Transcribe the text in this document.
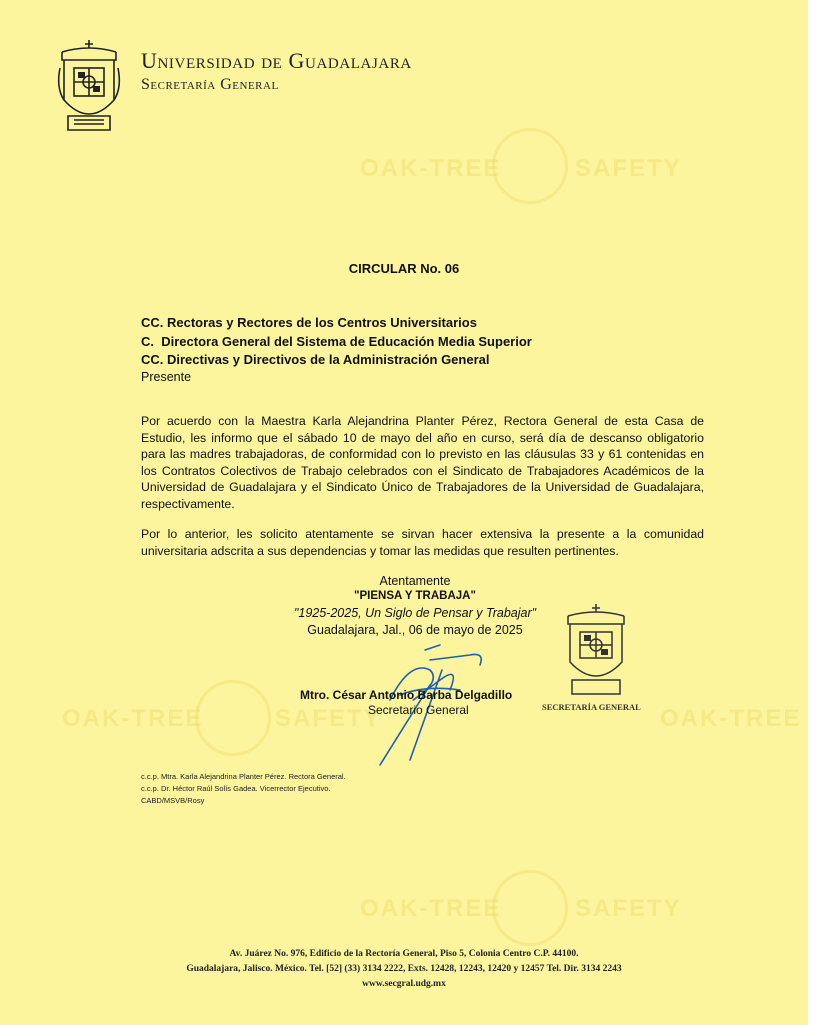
OAK-TREE	SAFETY
OAK-TREE	SAFETY	OAK-TREE
OAK-TREE	SAFETY
Universidad de Guadalajara
Secretaría General
CIRCULAR No. 06
CC. Rectoras y Rectores de los Centros Universitarios
C.  Directora General del Sistema de Educación Media Superior
CC. Directivas y Directivos de la Administración General
Presente
Por acuerdo con la Maestra Karla Alejandrina Planter Pérez, Rectora General de esta Casa de Estudio, les informo que el sábado 10 de mayo del año en curso, será día de descanso obligatorio para las madres trabajadoras, de conformidad con lo previsto en las cláusulas 33 y 61 contenidas en los Contratos Colectivos de Trabajo celebrados con el Sindicato de Trabajadores Académicos de la Universidad de Guadalajara y el Sindicato Único de Trabajadores de la Universidad de Guadalajara, respectivamente.
Por lo anterior, les solicito atentamente se sirvan hacer extensiva la presente a la comunidad universitaria adscrita a sus dependencias y tomar las medidas que resulten pertinentes.
Atentamente
"PIENSA Y TRABAJA"
"1925-2025, Un Siglo de Pensar y Trabajar"
Guadalajara, Jal., 06 de mayo de 2025
Mtro. César Antonio Barba Delgadillo
Secretario General	SECRETARÍA GENERAL
c.c.p. Mtra. Karla Alejandrina Planter Pérez. Rectora General.
c.c.p. Dr. Héctor Raúl Solís Gadea. Vicerrector Ejecutivo.
CABD/MSVB/Rosy
Av. Juárez No. 976, Edificio de la Rectoría General, Piso 5, Colonia Centro C.P. 44100.
Guadalajara, Jalisco. México. Tel. [52] (33) 3134 2222, Exts. 12428, 12243, 12420 y 12457 Tel. Dir. 3134 2243
www.secgral.udg.mx
